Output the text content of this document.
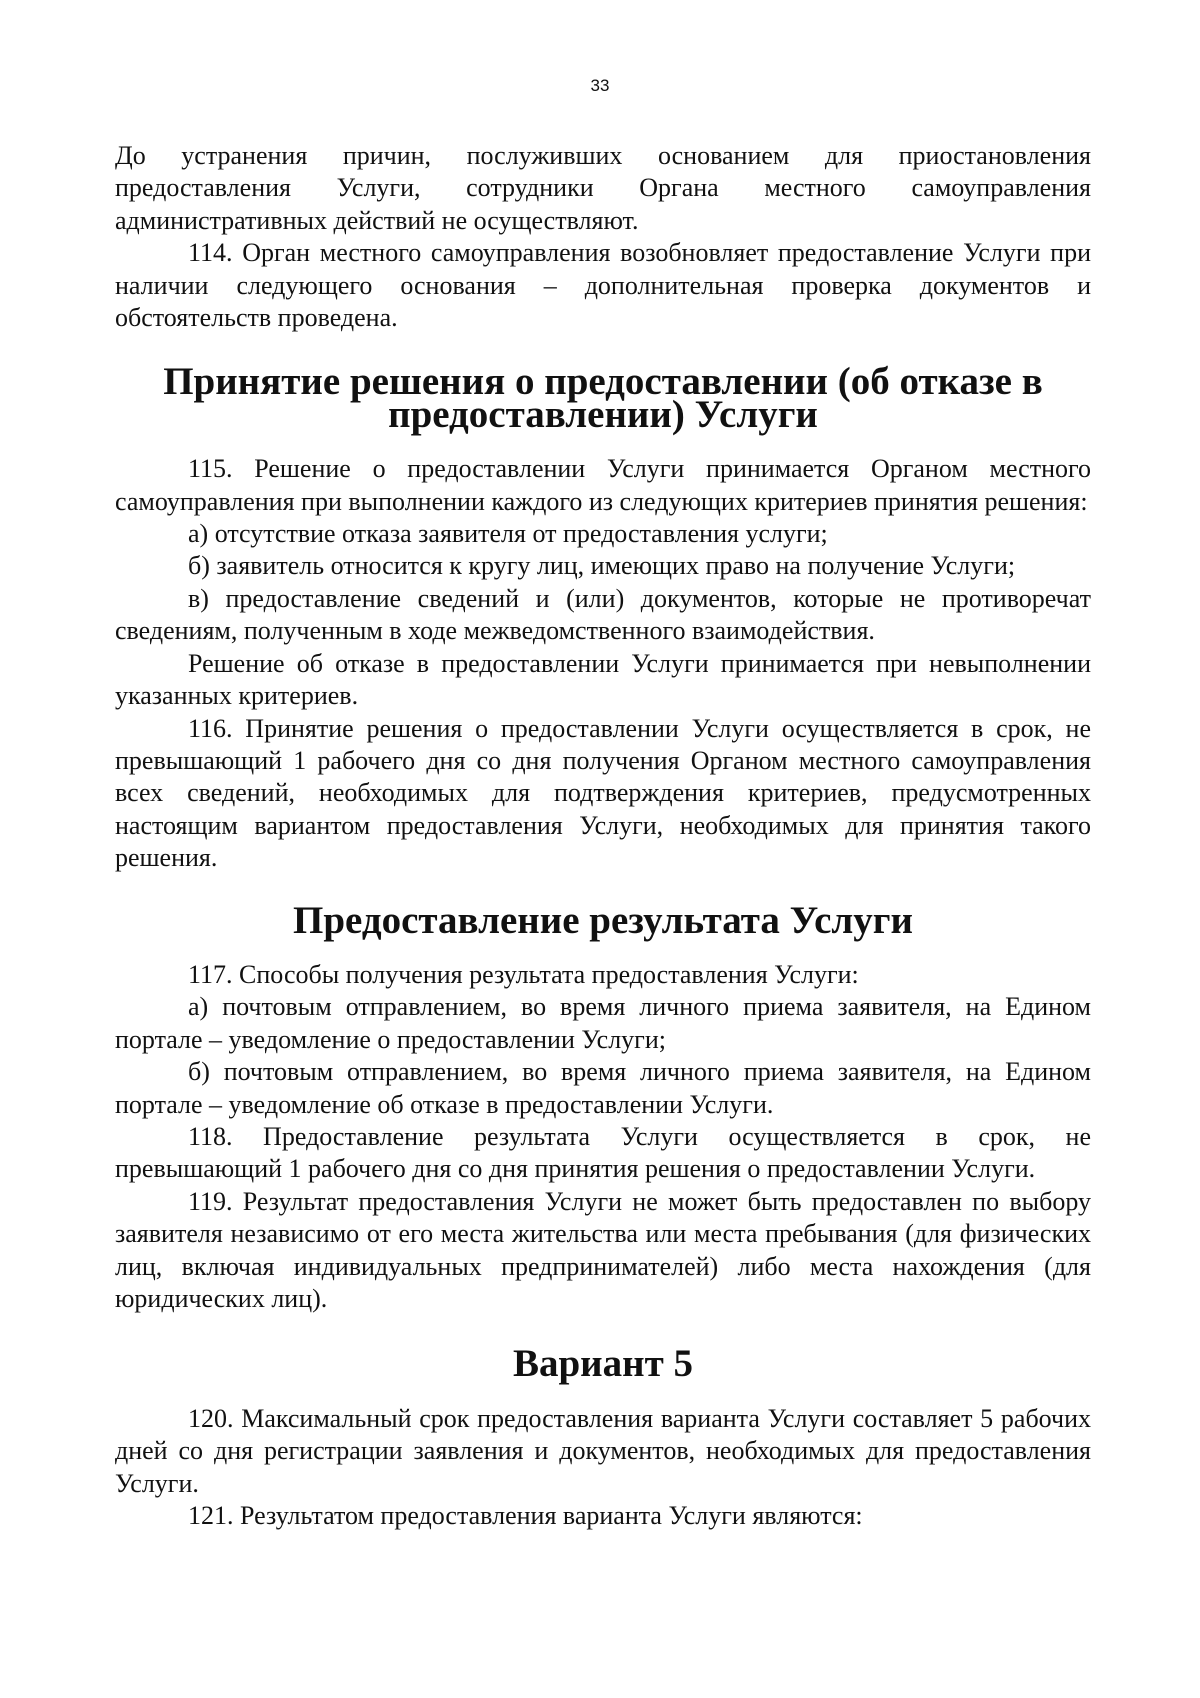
33

До устранения причин, послуживших основанием для приостановления предоставления Услуги, сотрудники Органа местного самоуправления административных действий не осуществляют.

114. Орган местного самоуправления возобновляет предоставление Услуги при наличии следующего основания – дополнительная проверка документов и обстоятельств проведена.

Принятие решения о предоставлении (об отказе в предоставлении) Услуги

115. Решение о предоставлении Услуги принимается Органом местного самоуправления при выполнении каждого из следующих критериев принятия решения:

а) отсутствие отказа заявителя от предоставления услуги;

б) заявитель относится к кругу лиц, имеющих право на получение Услуги;

в) предоставление сведений и (или) документов, которые не противоречат сведениям, полученным в ходе межведомственного взаимодействия.

Решение об отказе в предоставлении Услуги принимается при невыполнении указанных критериев.

116. Принятие решения о предоставлении Услуги осуществляется в срок, не превышающий 1 рабочего дня со дня получения Органом местного самоуправления всех сведений, необходимых для подтверждения критериев, предусмотренных настоящим вариантом предоставления Услуги, необходимых для принятия такого решения.

Предоставление результата Услуги

117. Способы получения результата предоставления Услуги:

а) почтовым отправлением, во время личного приема заявителя, на Едином портале – уведомление о предоставлении Услуги;

б) почтовым отправлением, во время личного приема заявителя, на Едином портале – уведомление об отказе в предоставлении Услуги.

118. Предоставление результата Услуги осуществляется в срок, не превышающий 1 рабочего дня со дня принятия решения о предоставлении Услуги.

119. Результат предоставления Услуги не может быть предоставлен по выбору заявителя независимо от его места жительства или места пребывания (для физических лиц, включая индивидуальных предпринимателей) либо места нахождения (для юридических лиц).

Вариант 5

120. Максимальный срок предоставления варианта Услуги составляет 5 рабочих дней со дня регистрации заявления и документов, необходимых для предоставления Услуги.

121. Результатом предоставления варианта Услуги являются:
